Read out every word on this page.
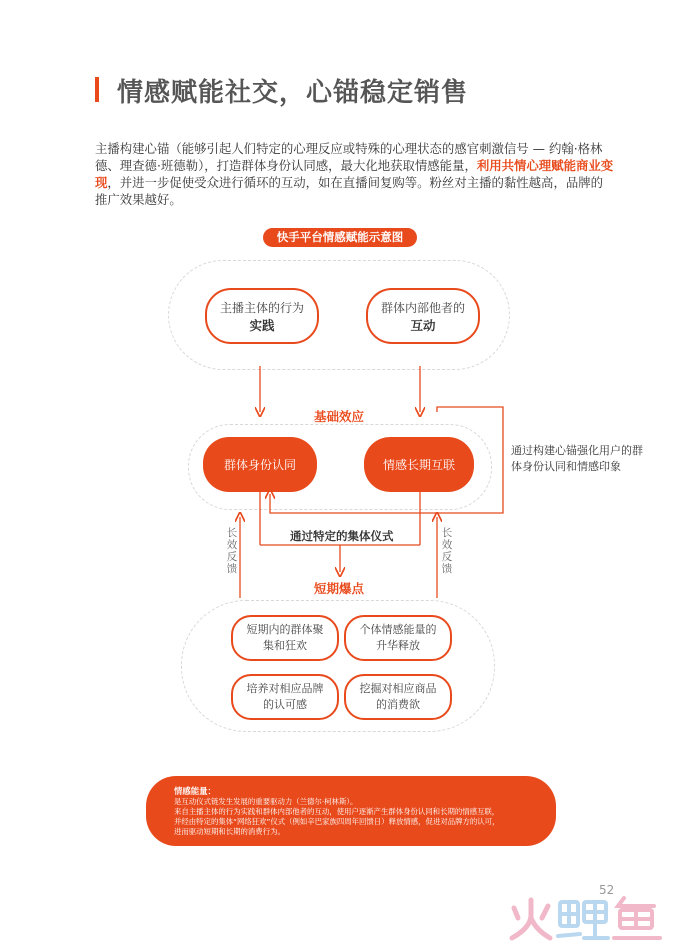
情感赋能社交，心锚稳定销售
主播构建心锚（能够引起人们特定的心理反应或特殊的心理状态的感官刺激信号 — 约翰·格林德、理查德·班德勒），打造群体身份认同感，最大化地获取情感能量，利用共情心理赋能商业变现，并进一步促使受众进行循环的互动，如在直播间复购等。粉丝对主播的黏性越高，品牌的推广效果越好。
快手平台情感赋能示意图
主播主体的行为
实践
群体内部他者的
互动
基础效应
群体身份认同	情感长期互联
通过构建心锚强化用户的群体身份认同和情感印象
通过特定的集体仪式
长效反馈
长效反馈
短期爆点
短期内的群体聚
集和狂欢
个体情感能量的
升华释放
培养对相应品牌
的认可感
挖掘对相应商品
的消费欲
情感能量：
是互动仪式链发生发展的重要驱动力（兰德尔·柯林斯）。
来自主播主体的行为实践和群体内部他者的互动，使用户逐渐产生群体身份认同和长期的情感互联，
并经由特定的集体“网络狂欢”仪式（例如辛巴家族四周年回馈日）释放情感，促进对品牌方的认可，
进而驱动短期和长期的消费行为。
52
